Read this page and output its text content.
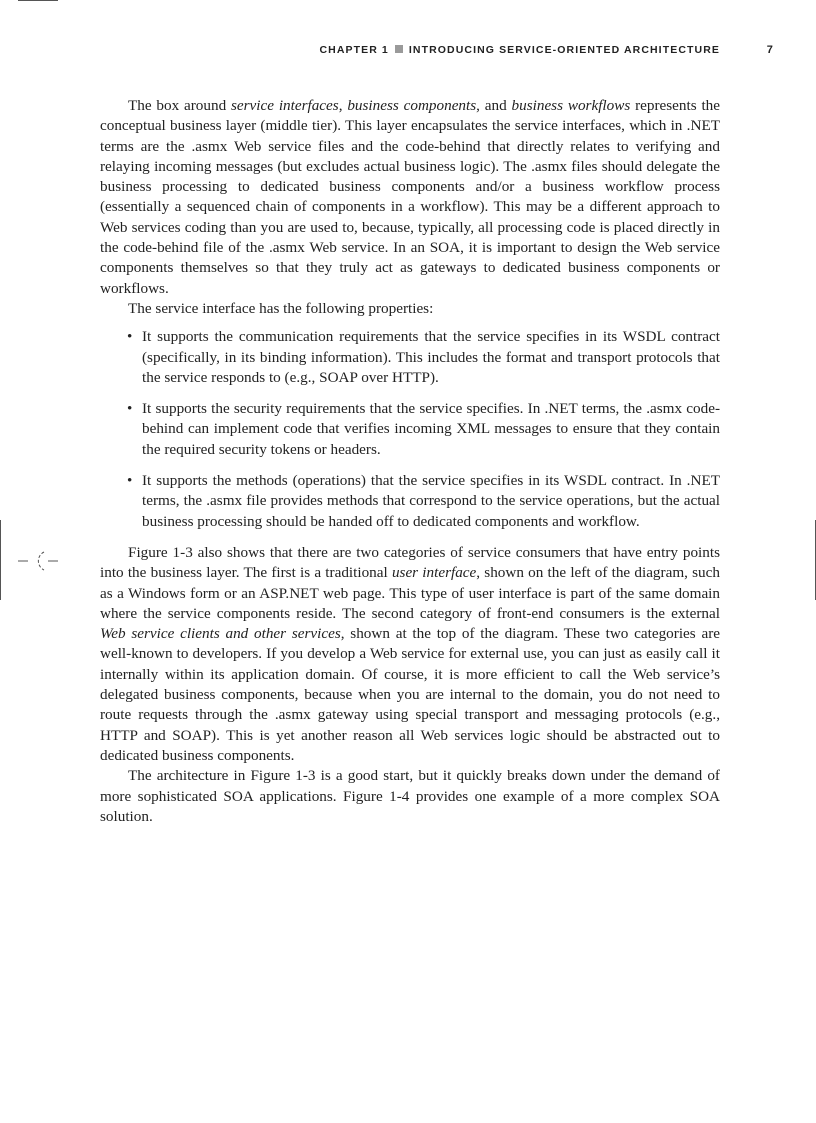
CHAPTER 1 INTRODUCING SERVICE-ORIENTED ARCHITECTURE	7

The box around service interfaces, business components, and business workflows represents the conceptual business layer (middle tier). This layer encapsulates the service interfaces, which in .NET terms are the .asmx Web service files and the code-behind that directly relates to verifying and relaying incoming messages (but excludes actual business logic). The .asmx files should delegate the business processing to dedicated business components and/or a business workflow process (essentially a sequenced chain of components in a workflow). This may be a different approach to Web services coding than you are used to, because, typically, all processing code is placed directly in the code-behind file of the .asmx Web service. In an SOA, it is important to design the Web service components themselves so that they truly act as gateways to dedicated business components or workflows.

The service interface has the following properties:

• It supports the communication requirements that the service specifies in its WSDL contract (specifically, in its binding information). This includes the format and transport protocols that the service responds to (e.g., SOAP over HTTP).
• It supports the security requirements that the service specifies. In .NET terms, the .asmx code-behind can implement code that verifies incoming XML messages to ensure that they contain the required security tokens or headers.
• It supports the methods (operations) that the service specifies in its WSDL contract. In .NET terms, the .asmx file provides methods that correspond to the service operations, but the actual business processing should be handed off to dedicated components and workflow.

Figure 1-3 also shows that there are two categories of service consumers that have entry points into the business layer. The first is a traditional user interface, shown on the left of the diagram, such as a Windows form or an ASP.NET web page. This type of user interface is part of the same domain where the service components reside. The second category of front-end consumers is the external Web service clients and other services, shown at the top of the diagram. These two categories are well-known to developers. If you develop a Web service for external use, you can just as easily call it internally within its application domain. Of course, it is more efficient to call the Web service’s delegated business components, because when you are internal to the domain, you do not need to route requests through the .asmx gateway using special transport and messaging protocols (e.g., HTTP and SOAP). This is yet another reason all Web services logic should be abstracted out to dedicated business components.

The architecture in Figure 1-3 is a good start, but it quickly breaks down under the demand of more sophisticated SOA applications. Figure 1-4 provides one example of a more complex SOA solution.
